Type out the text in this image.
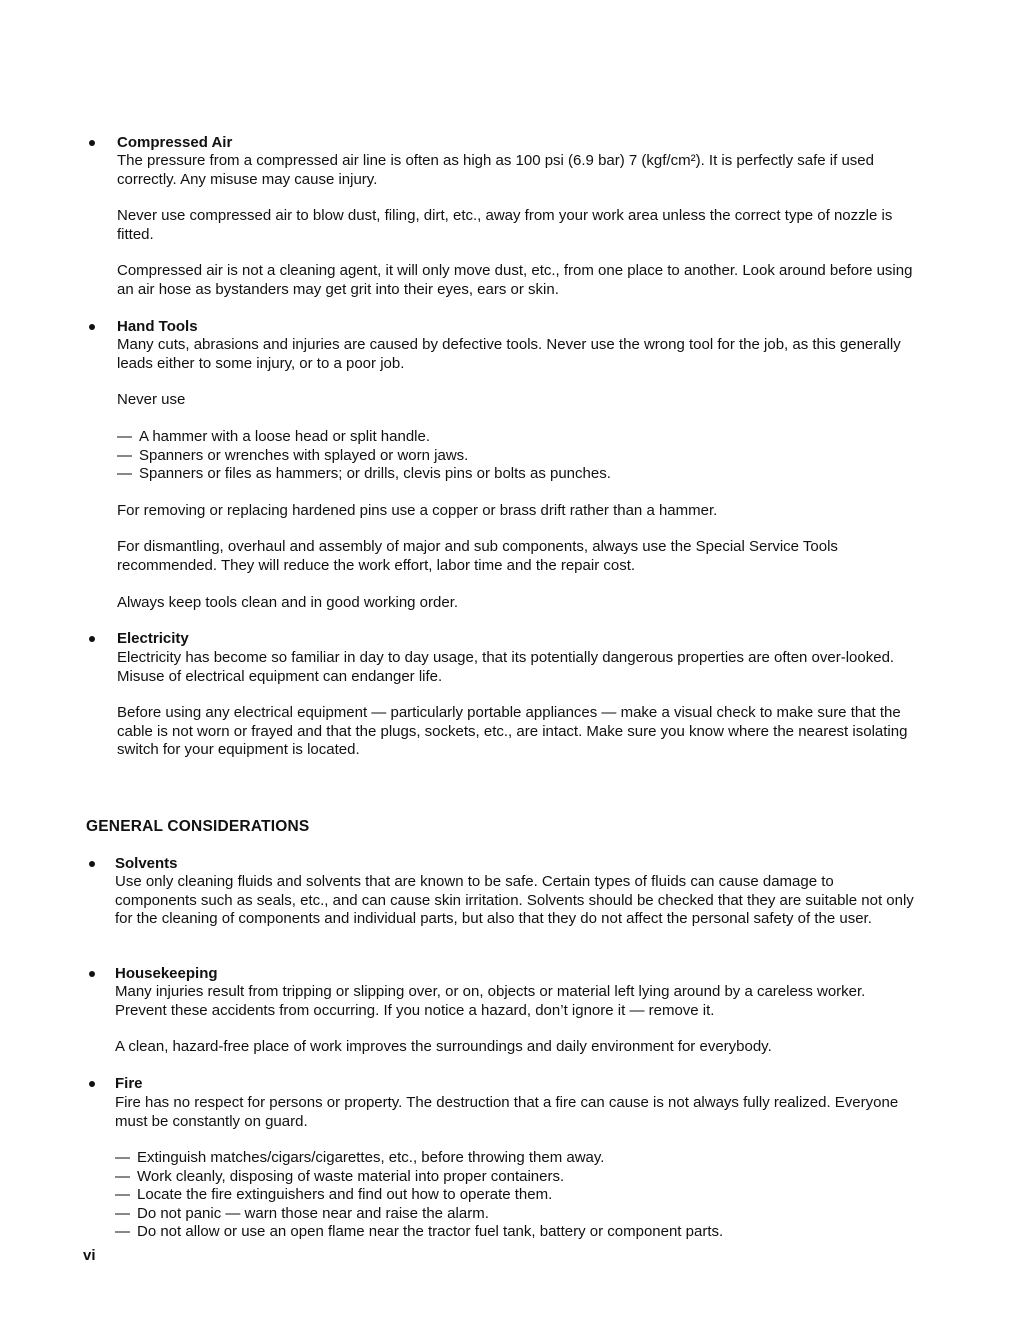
Compressed Air

The pressure from a compressed air line is often as high as 100 psi (6.9 bar) 7 (kgf/cm²). It is perfectly safe if used correctly. Any misuse may cause injury.

Never use compressed air to blow dust, filing, dirt, etc., away from your work area unless the correct type of nozzle is fitted.

Compressed air is not a cleaning agent, it will only move dust, etc., from one place to another. Look around before using an air hose as bystanders may get grit into their eyes, ears or skin.

Hand Tools

Many cuts, abrasions and injuries are caused by defective tools. Never use the wrong tool for the job, as this generally leads either to some injury, or to a poor job.

Never use

— A hammer with a loose head or split handle.
— Spanners or wrenches with splayed or worn jaws.
— Spanners or files as hammers; or drills, clevis pins or bolts as punches.

For removing or replacing hardened pins use a copper or brass drift rather than a hammer.

For dismantling, overhaul and assembly of major and sub components, always use the Special Service Tools recommended. They will reduce the work effort, labor time and the repair cost.

Always keep tools clean and in good working order.

Electricity

Electricity has become so familiar in day to day usage, that its potentially dangerous properties are often over-looked. Misuse of electrical equipment can endanger life.

Before using any electrical equipment — particularly portable appliances — make a visual check to make sure that the cable is not worn or frayed and that the plugs, sockets, etc., are intact. Make sure you know where the nearest isolating switch for your equipment is located.

GENERAL CONSIDERATIONS
Solvents

Use only cleaning fluids and solvents that are known to be safe. Certain types of fluids can cause damage to components such as seals, etc., and can cause skin irritation. Solvents should be checked that they are suitable not only for the cleaning of components and individual parts, but also that they do not affect the personal safety of the user.

Housekeeping

Many injuries result from tripping or slipping over, or on, objects or material left lying around by a careless worker. Prevent these accidents from occurring. If you notice a hazard, don’t ignore it — remove it.

A clean, hazard-free place of work improves the surroundings and daily environment for everybody.

Fire

Fire has no respect for persons or property. The destruction that a fire can cause is not always fully realized. Everyone must be constantly on guard.

— Extinguish matches/cigars/cigarettes, etc., before throwing them away.
— Work cleanly, disposing of waste material into proper containers.
— Locate the fire extinguishers and find out how to operate them.
— Do not panic — warn those near and raise the alarm.
— Do not allow or use an open flame near the tractor fuel tank, battery or component parts.
vi
